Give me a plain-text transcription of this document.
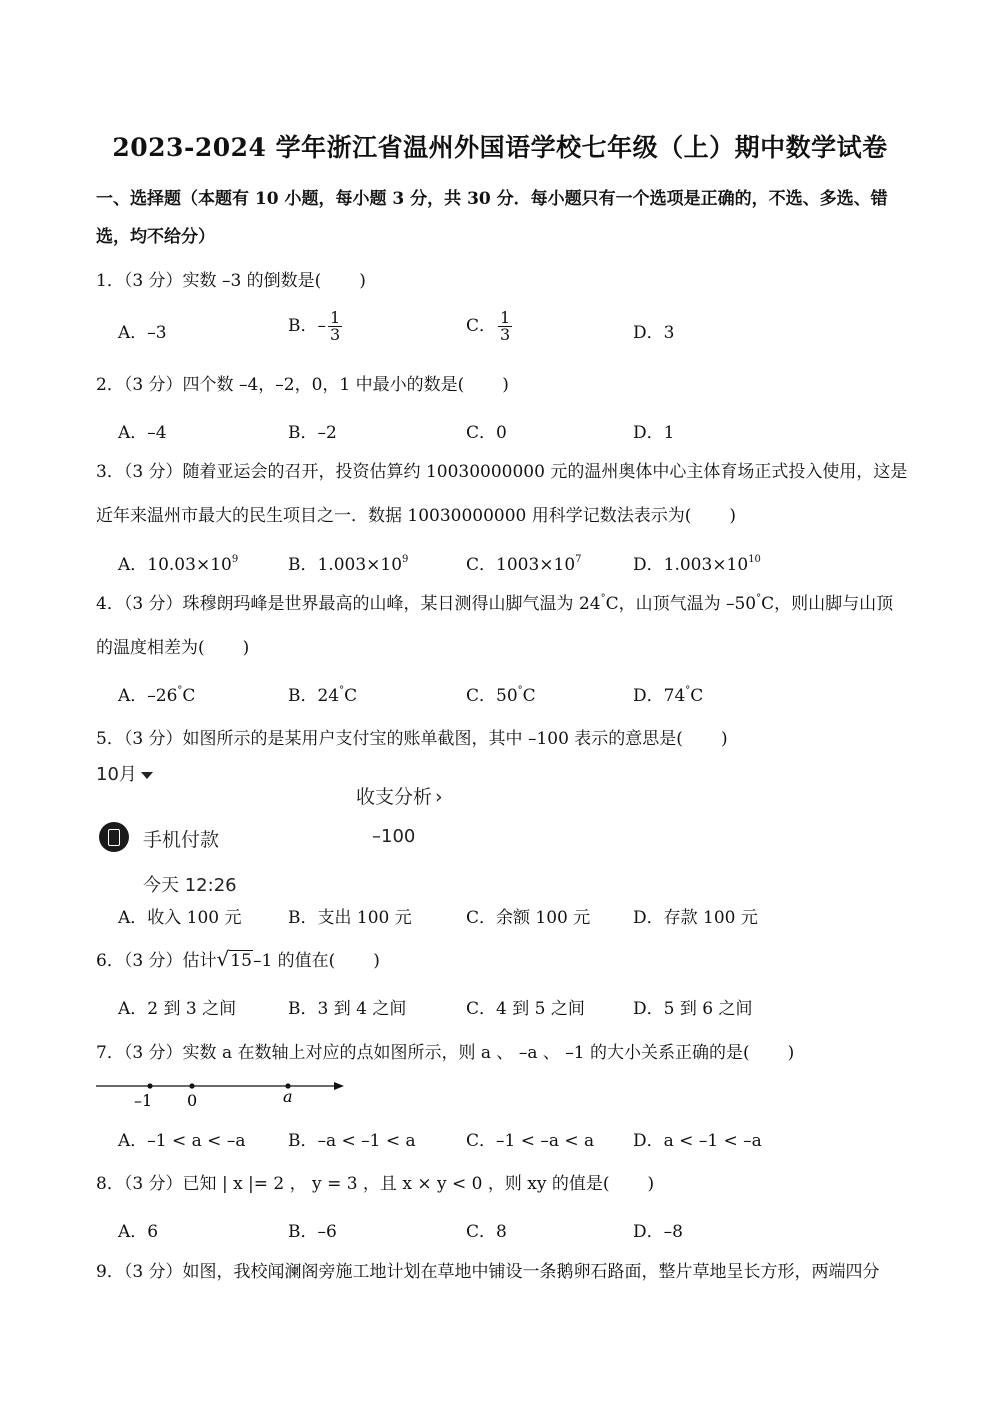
2023-2024 学年浙江省温州外国语学校七年级（上）期中数学试卷
一、选择题（本题有 10 小题，每小题 3 分，共 30 分．每小题只有一个选项是正确的，不选、多选、错选，均不给分）
1．（3 分）实数 –3 的倒数是( )
A．–3	B．– $\frac{1}{3}$	C． $\frac{1}{3}$	D．3
2．（3 分）四个数 –4，–2，0，1 中最小的数是( )
A．–4	B．–2	C．0	D．1
3．（3 分）随着亚运会的召开，投资估算约 10030000000 元的温州奥体中心主体育场正式投入使用，这是
近年来温州市最大的民生项目之一．数据 10030000000 用科学记数法表示为( )
A．$10.03\times 10^9$	B．$1.003\times 10^9$	C．$1003\times 10^7$	D．$1.003\times 10^{10}$
4．（3 分）珠穆朗玛峰是世界最高的山峰，某日测得山脚气温为 24°C，山顶气温为 –50°C，则山脚与山顶
的温度相差为( )
A．–26°C	B．24°C	C．50°C	D．74°C
5．（3 分）如图所示的是某用户支付宝的账单截图，其中 –100 表示的意思是( )
10月
收支分析 ›
手机付款	–100
今天 12:26
A．收入 100 元	B．支出 100 元	C．余额 100 元	D．存款 100 元
6．（3 分）估计 √ 15 –1 的值在( )
A．2 到 3 之间	B．3 到 4 之间	C．4 到 5 之间	D．5 到 6 之间
7．（3 分）实数 a 在数轴上对应的点如图所示，则 a 、 –a 、 –1 的大小关系正确的是( )
–1 0	a
A．–1 < a < –a	B．–a < –1 < a	C．–1 < –a < a D．a < –1 < –a
8．（3 分）已知 | x |= 2 ， y = 3 ，且 x × y < 0 ，则 xy 的值是( )
A．6	B．–6	C．8	D．–8
9．（3 分）如图，我校闻澜阁旁施工地计划在草地中铺设一条鹅卵石路面，整片草地呈长方形，两端四分
